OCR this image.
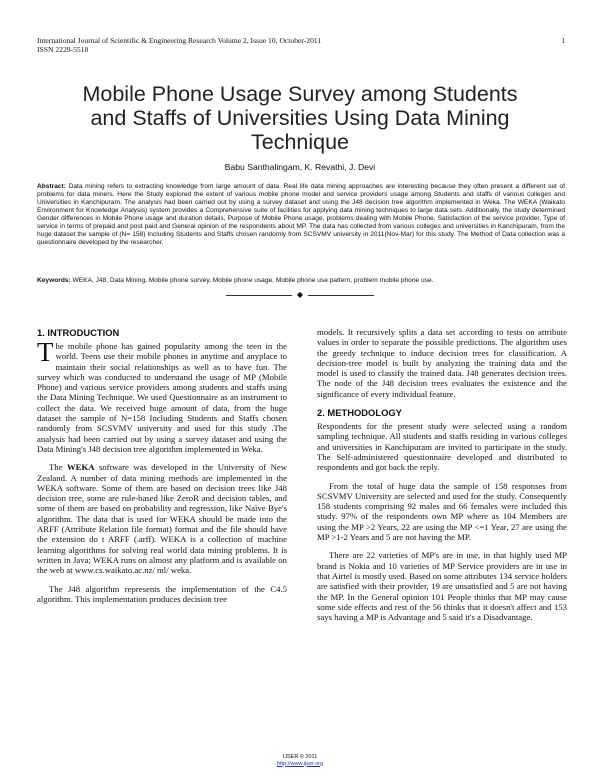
International Journal of Scientific & Engineering Research Volume 2, Issue 10, October-2011
ISSN 2229-5518
1
Mobile Phone Usage Survey among Students
and Staffs of Universities Using Data Mining
Technique
Babu Santhalingam, K. Revathi, J. Devi
Abstract: Data mining refers to extracting knowledge from large amount of data. Real life data mining approaches are interesting because they often present a different set of problems for data miners. Here the Study explored the extent of various mobile phone model and service providers usage among Students and staffs of various colleges and Universities in Kanchipuram. The analysis had been carried out by using a survey dataset and using the J48 decision tree algorithm implemented in Weka. The WEKA (Waikato Environment for Knowledge Analysis) system provides a Comprehensive suite of facilities for applying data mining techniques to large data sets. Additionally, the study determined Gender differences in Mobile Phone usage and duration details, Purpose of Mobile Phone usage, problems dealing with Mobile Phone, Satisfaction of the service provider, Type of service in terms of prepaid and post paid and General opinion of the respondents about MP. The data has collected from various colleges and universities in Kanchipuram, from the huge dataset the sample of (N= 158) Including Students and Staffs chosen randomly from SCSVMV university in 2011(Nov-Mar) for this study. The Method of Data collection was a questionnaire developed by the researcher.
Keywords: WEKA, J48, Data Mining, Mobile phone survey, Mobile phone usage, Mobile phone use pattern, problem mobile phone use.
◆
1. INTRODUCTION

The mobile phone has gained popularity among the teen in the world. Teens use their mobile phones in anytime and anyplace to maintain their social relationships as well as to have fun. The survey which was conducted to understand the usage of MP (Mobile Phone) and various service providers among students and staffs using the Data Mining Technique. We used Questionnaire as an instrument to collect the data. We received huge amount of data, from the huge dataset the sample of N=158 Including Students and Staffs chosen randomly from SCSVMV university and used for this study .The analysis had been carried out by using a survey dataset and using the Data Mining's J48 decision tree algorithm implemented in Weka.

The WEKA software was developed in the University of New Zealand. A number of data mining methods are implemented in the WEKA software. Some of them are based on decision trees like J48 decision tree, some are rule-based like ZeroR and decision tables, and some of them are based on probability and regression, like Naïve Bye's algorithm. The data that is used for WEKA should be made into the ARFF (Attribute Relation file format) format and the file should have the extension do t ARFF (.arff). WEKA is a collection of machine learning algorithms for solving real world data mining problems. It is written in Java; WEKA runs on almost any platform and is available on the web at www.cs.waikato.ac.nz/ ml/ weka.

The J48 algorithm represents the implementation of the C4.5 algorithm. This implementation produces decision tree

models. It recursively splits a data set according to tests on attribute values in order to separate the possible predictions. The algorithm uses the greedy technique to induce decision trees for classification. A decision-tree model is built by analyzing the training data and the model is used to classify the trained data. J48 generates decision trees. The node of the J48 decision trees evaluates the existence and the significance of every individual feature.

2. METHODOLOGY

Respondents for the present study were selected using a random sampling technique. All students and staffs residing in various colleges and universities in Kanchipuram are invited to participate in the study. The Self-administered questionnaire developed and distributed to respondents and got back the reply.

From the total of huge data the sample of 158 responses from SCSVMV University are selected and used for the study. Consequently 158 students comprising 92 males and 66 females were included this study. 97% of the respondents own MP where as 104 Members are using the MP >2 Years, 22 are using the MP <=1 Year, 27 are using the MP >1-2 Years and 5 are not having the MP.

There are 22 varieties of MP's are in use, in that highly used MP brand is Nokia and 10 varieties of MP Service providers are in use in that Airtel is mostly used. Based on some attributes 134 service holders are satisfied with their provider, 19 are unsatisfied and 5 are not having the MP. In the General opinion 101 People thinks that MP may cause some side effects and rest of the 56 thinks that it doesn't affect and 153 says having a MP is Advantage and 5 said it's a Disadvantage.

IJSER © 2011
http://www.ijser.org
